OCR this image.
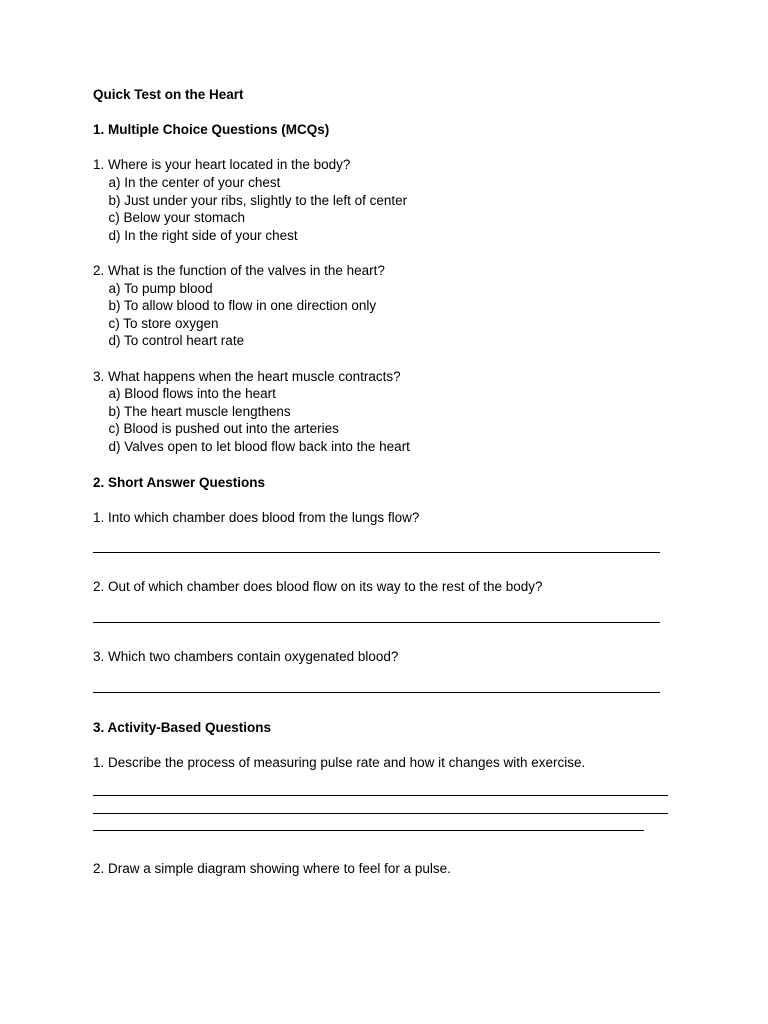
Quick Test on the Heart

1. Multiple Choice Questions (MCQs)

1. Where is your heart located in the body?

a) In the center of your chest

b) Just under your ribs, slightly to the left of center

c) Below your stomach

d) In the right side of your chest

2. What is the function of the valves in the heart?

a) To pump blood

b) To allow blood to flow in one direction only

c) To store oxygen

d) To control heart rate

3. What happens when the heart muscle contracts?

a) Blood flows into the heart

b) The heart muscle lengthens

c) Blood is pushed out into the arteries

d) Valves open to let blood flow back into the heart

2. Short Answer Questions

1. Into which chamber does blood from the lungs flow?

2. Out of which chamber does blood flow on its way to the rest of the body?

3. Which two chambers contain oxygenated blood?

3. Activity-Based Questions

1. Describe the process of measuring pulse rate and how it changes with exercise.

2. Draw a simple diagram showing where to feel for a pulse.
